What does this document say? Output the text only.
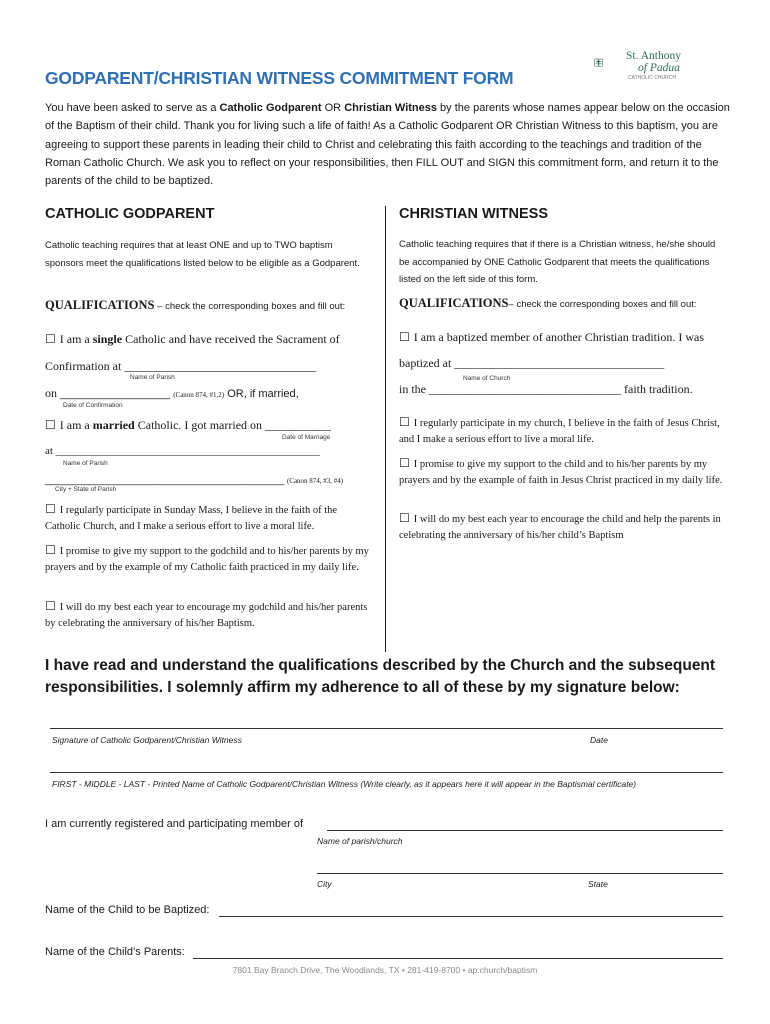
St. Anthony
of Padua
CATHOLIC CHURCH
GODPARENT/CHRISTIAN WITNESS COMMITMENT FORM
You have been asked to serve as a Catholic Godparent OR Christian Witness by the parents whose names appear below on the occasion of the Baptism of their child. Thank you for living such a life of faith! As a Catholic Godparent OR Christian Witness to this baptism, you are agreeing to support these parents in leading their child to Christ and celebrating this faith according to the teachings and tradition of the Roman Catholic Church. We ask you to reflect on your responsibilities, then FILL OUT and SIGN this commitment form, and return it to the parents of the child to be baptized.
CATHOLIC GODPARENT
Catholic teaching requires that at least ONE and up to TWO baptism sponsors meet the qualifications listed below to be eligible as a Godparent.
QUALIFICATIONS – check the corresponding boxes and fill out:
☐ I am a single Catholic and have received the Sacrament of
Confirmation at ________________________________
Name of Parish
on __________________ (Canon 874, #1,2) OR, if married,
Date of Confirmation
☐ I am a married Catholic. I got married on ___________
Date of Marriage
at ________________________________________________
Name of Parish
___________________________________________ (Canon 874, #3, #4)
City + State of Parish
☐ I regularly participate in Sunday Mass, I believe in the faith of the Catholic Church, and I make a serious effort to live a moral life.
☐ I promise to give my support to the godchild and to his/her parents by my prayers and by the example of my Catholic faith practiced in my daily life.
☐ I will do my best each year to encourage my godchild and his/her parents by celebrating the anniversary of his/her Baptism.
CHRISTIAN WITNESS
Catholic teaching requires that if there is a Christian witness, he/she should be accompanied by ONE Catholic Godparent that meets the qualifications listed on the left side of this form.
QUALIFICATIONS– check the corresponding boxes and fill out:
☐ I am a baptized member of another Christian tradition. I was
baptized at ___________________________________
Name of Church
in the ________________________________ faith tradition.
☐ I regularly participate in my church, I believe in the faith of Jesus Christ, and I make a serious effort to live a moral life.
☐ I promise to give my support to the child and to his/her parents by my prayers and by the example of faith in Jesus Christ practiced in my daily life.
☐ I will do my best each year to encourage the child and help the parents in celebrating the anniversary of his/her child’s Baptism
I have read and understand the qualifications described by the Church and the subsequent responsibilities. I solemnly affirm my adherence to all of these by my signature below:
Signature of Catholic Godparent/Christian Witness	Date
FIRST - MIDDLE - LAST - Printed Name of Catholic Godparent/Christian Witness (Write clearly, as it appears here it will appear in the Baptismal certificate)
I am currently registered and participating member of
Name of parish/church
City	State
Name of the Child to be Baptized:
Name of the Child’s Parents:
7801 Bay Branch Drive, The Woodlands, TX • 281-419-8700 • ap.church/baptism
